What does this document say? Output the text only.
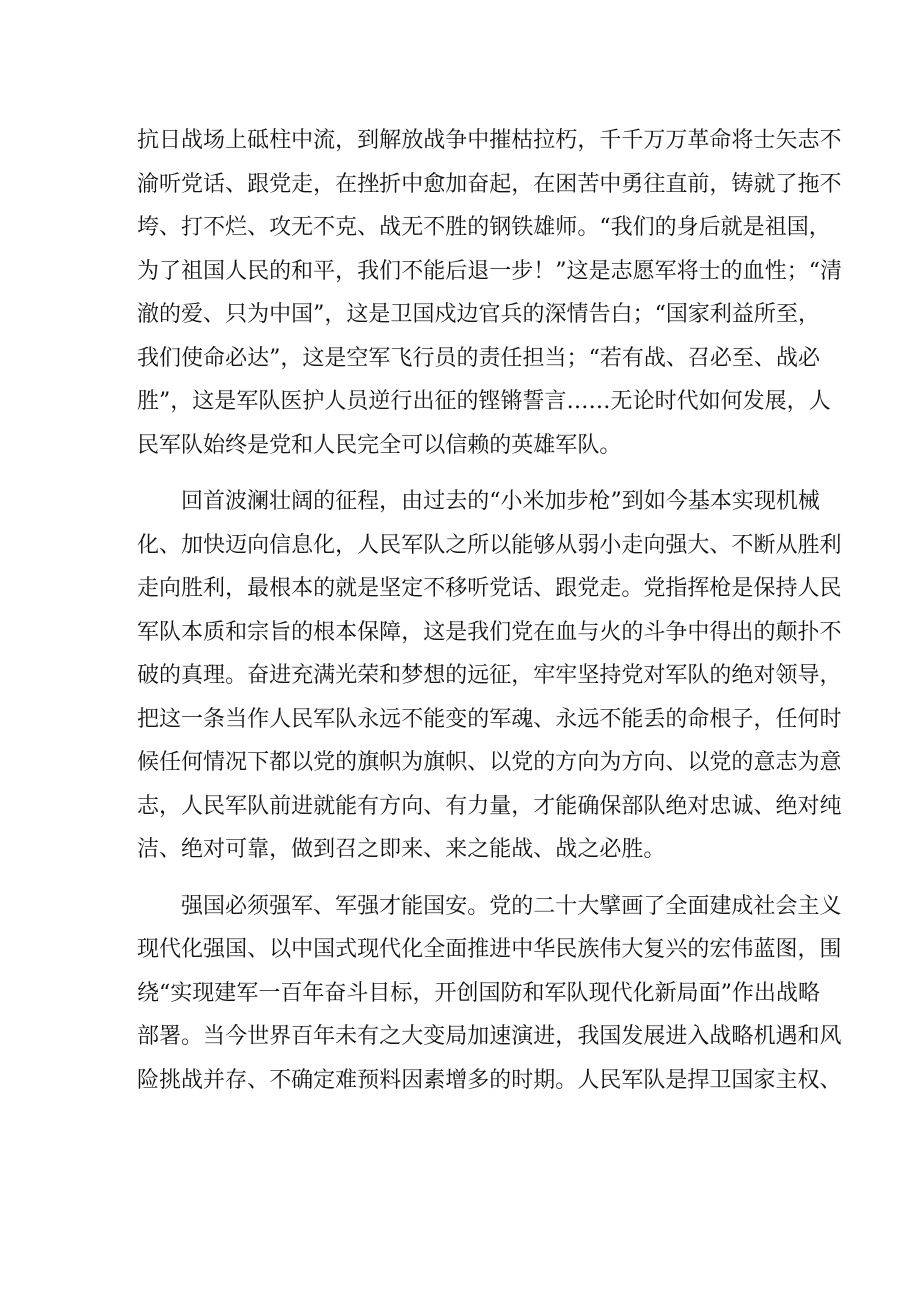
抗 日 战 场 上 砥 柱 中 流 ， 到 解 放 战 争 中 摧 枯 拉 朽 ， 千 千 万 万 革 命 将 士 矢 志 不
渝 听 党 话 、 跟 党 走 ， 在 挫 折 中 愈 加 奋 起 ， 在 困 苦 中 勇 往 直 前 ， 铸 就 了 拖 不
垮 、 打 不 烂 、 攻 无 不 克 、 战 无 不 胜 的 钢 铁 雄 师 。 “ 我 们 的 身 后 就 是 祖 国 ，
为 了 祖 国 人 民 的 和 平 ， 我 们 不 能 后 退 一 步 ！ ” 这 是 志 愿 军 将 士 的 血 性 ； “ 清
澈 的 爱 、 只 为 中 国 ” ， 这 是 卫 国 戍 边 官 兵 的 深 情 告 白 ； “ 国 家 利 益 所 至 ，
我 们 使 命 必 达 ” ， 这 是 空 军 飞 行 员 的 责 任 担 当 ； “ 若 有 战 、 召 必 至 、 战 必
胜 ” ， 这 是 军 队 医 护 人 员 逆 行 出 征 的 铿 锵 誓 言 … … 无 论 时 代 如 何 发 展 ， 人
民 军 队 始 终 是 党 和 人 民 完 全 可 以 信 赖 的 英 雄 军 队 。
回 首 波 澜 壮 阔 的 征 程 ， 由 过 去 的 “ 小 米 加 步 枪 ” 到 如 今 基 本 实 现 机 械
化 、 加 快 迈 向 信 息 化 ， 人 民 军 队 之 所 以 能 够 从 弱 小 走 向 强 大 、 不 断 从 胜 利
走 向 胜 利 ， 最 根 本 的 就 是 坚 定 不 移 听 党 话 、 跟 党 走 。 党 指 挥 枪 是 保 持 人 民
军 队 本 质 和 宗 旨 的 根 本 保 障 ， 这 是 我 们 党 在 血 与 火 的 斗 争 中 得 出 的 颠 扑 不
破 的 真 理 。 奋 进 充 满 光 荣 和 梦 想 的 远 征 ， 牢 牢 坚 持 党 对 军 队 的 绝 对 领 导 ，
把 这 一 条 当 作 人 民 军 队 永 远 不 能 变 的 军 魂 、 永 远 不 能 丢 的 命 根 子 ， 任 何 时
候 任 何 情 况 下 都 以 党 的 旗 帜 为 旗 帜 、 以 党 的 方 向 为 方 向 、 以 党 的 意 志 为 意
志 ， 人 民 军 队 前 进 就 能 有 方 向 、 有 力 量 ， 才 能 确 保 部 队 绝 对 忠 诚 、 绝 对 纯
洁 、 绝 对 可 靠 ， 做 到 召 之 即 来 、 来 之 能 战 、 战 之 必 胜 。
强 国 必 须 强 军 、 军 强 才 能 国 安 。 党 的 二 十 大 擘 画 了 全 面 建 成 社 会 主 义
现 代 化 强 国 、 以 中 国 式 现 代 化 全 面 推 进 中 华 民 族 伟 大 复 兴 的 宏 伟 蓝 图 ， 围
绕 “ 实 现 建 军 一 百 年 奋 斗 目 标 ， 开 创 国 防 和 军 队 现 代 化 新 局 面 ” 作 出 战 略
部 署 。 当 今 世 界 百 年 未 有 之 大 变 局 加 速 演 进 ， 我 国 发 展 进 入 战 略 机 遇 和 风
险 挑 战 并 存 、 不 确 定 难 预 料 因 素 增 多 的 时 期 。 人 民 军 队 是 捍 卫 国 家 主 权 、
